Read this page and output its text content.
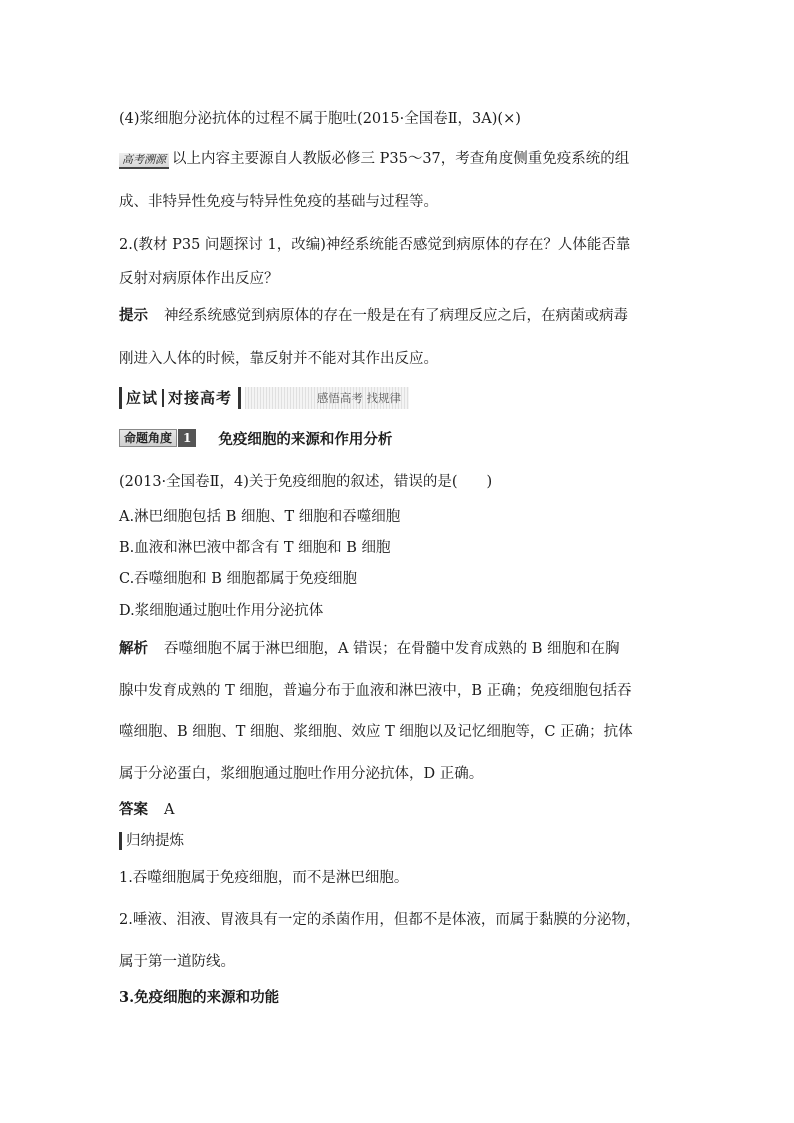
(4)浆细胞分泌抗体的过程不属于胞吐(2015·全国卷Ⅱ，3A)(×)
高考溯源 以上内容主要源自人教版必修三 P35～37，考查角度侧重免疫系统的组
成、非特异性免疫与特异性免疫的基础与过程等。
2.(教材 P35 问题探讨 1，改编)神经系统能否感觉到病原体的存在？人体能否靠
反射对病原体作出反应？
提示 神经系统感觉到病原体的存在一般是在有了病理反应之后，在病菌或病毒
刚进入人体的时候，靠反射并不能对其作出反应。
应试 对接高考	感悟高考 找规律
命题角度 1	免疫细胞的来源和作用分析
(2013·全国卷Ⅱ，4)关于免疫细胞的叙述，错误的是(　　)
A.淋巴细胞包括 B 细胞、T 细胞和吞噬细胞
B.血液和淋巴液中都含有 T 细胞和 B 细胞
C.吞噬细胞和 B 细胞都属于免疫细胞
D.浆细胞通过胞吐作用分泌抗体
解析 吞噬细胞不属于淋巴细胞，A 错误；在骨髓中发育成熟的 B 细胞和在胸
腺中发育成熟的 T 细胞，普遍分布于血液和淋巴液中，B 正确；免疫细胞包括吞
噬细胞、B 细胞、T 细胞、浆细胞、效应 T 细胞以及记忆细胞等，C 正确；抗体
属于分泌蛋白，浆细胞通过胞吐作用分泌抗体，D 正确。
答案 A
归纳提炼
1.吞噬细胞属于免疫细胞，而不是淋巴细胞。
2.唾液、泪液、胃液具有一定的杀菌作用，但都不是体液，而属于黏膜的分泌物，
属于第一道防线。
3.免疫细胞的来源和功能
